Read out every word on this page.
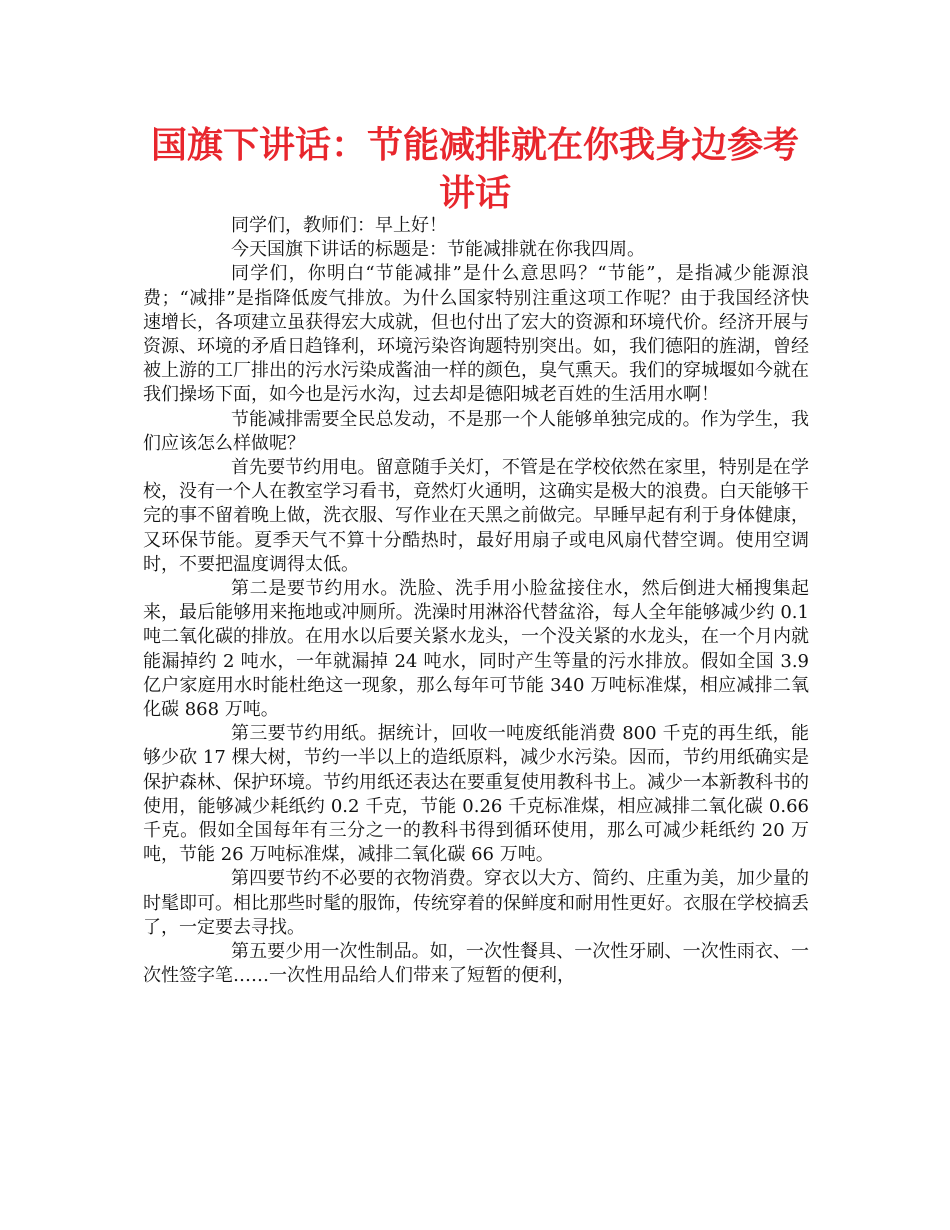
国旗下讲话：节能减排就在你我身边参考讲话

同学们，教师们：早上好！

今天国旗下讲话的标题是：节能减排就在你我四周。

同学们，你明白“节能减排”是什么意思吗？“节能”，是指减少能源浪费；“减排”是指降低废气排放。为什么国家特别注重这项工作呢？由于我国经济快速增长，各项建立虽获得宏大成就，但也付出了宏大的资源和环境代价。经济开展与资源、环境的矛盾日趋锋利，环境污染咨询题特别突出。如，我们德阳的旌湖，曾经被上游的工厂排出的污水污染成酱油一样的颜色，臭气熏天。我们的穿城堰如今就在我们操场下面，如今也是污水沟，过去却是德阳城老百姓的生活用水啊！

节能减排需要全民总发动，不是那一个人能够单独完成的。作为学生，我们应该怎么样做呢？

首先要节约用电。留意随手关灯，不管是在学校依然在家里，特别是在学校，没有一个人在教室学习看书，竟然灯火通明，这确实是极大的浪费。白天能够干完的事不留着晚上做，洗衣服、写作业在天黑之前做完。早睡早起有利于身体健康，又环保节能。夏季天气不算十分酷热时，最好用扇子或电风扇代替空调。使用空调时，不要把温度调得太低。

第二是要节约用水。洗脸、洗手用小脸盆接住水，然后倒进大桶搜集起来，最后能够用来拖地或冲厕所。洗澡时用淋浴代替盆浴，每人全年能够减少约 0.1 吨二氧化碳的排放。在用水以后要关紧水龙头，一个没关紧的水龙头，在一个月内就能漏掉约 2 吨水，一年就漏掉 24 吨水，同时产生等量的污水排放。假如全国 3.9 亿户家庭用水时能杜绝这一现象，那么每年可节能 340 万吨标准煤，相应减排二氧化碳 868 万吨。

第三要节约用纸。据统计，回收一吨废纸能消费 800 千克的再生纸，能够少砍 17 棵大树，节约一半以上的造纸原料，减少水污染。因而，节约用纸确实是保护森林、保护环境。节约用纸还表达在要重复使用教科书上。减少一本新教科书的使用，能够减少耗纸约 0.2 千克，节能 0.26 千克标准煤，相应减排二氧化碳 0.66 千克。假如全国每年有三分之一的教科书得到循环使用，那么可减少耗纸约 20 万吨，节能 26 万吨标准煤，减排二氧化碳 66 万吨。

第四要节约不必要的衣物消费。穿衣以大方、简约、庄重为美，加少量的时髦即可。相比那些时髦的服饰，传统穿着的保鲜度和耐用性更好。衣服在学校搞丢了，一定要去寻找。

第五要少用一次性制品。如，一次性餐具、一次性牙刷、一次性雨衣、一次性签字笔……一次性用品给人们带来了短暂的便利，
